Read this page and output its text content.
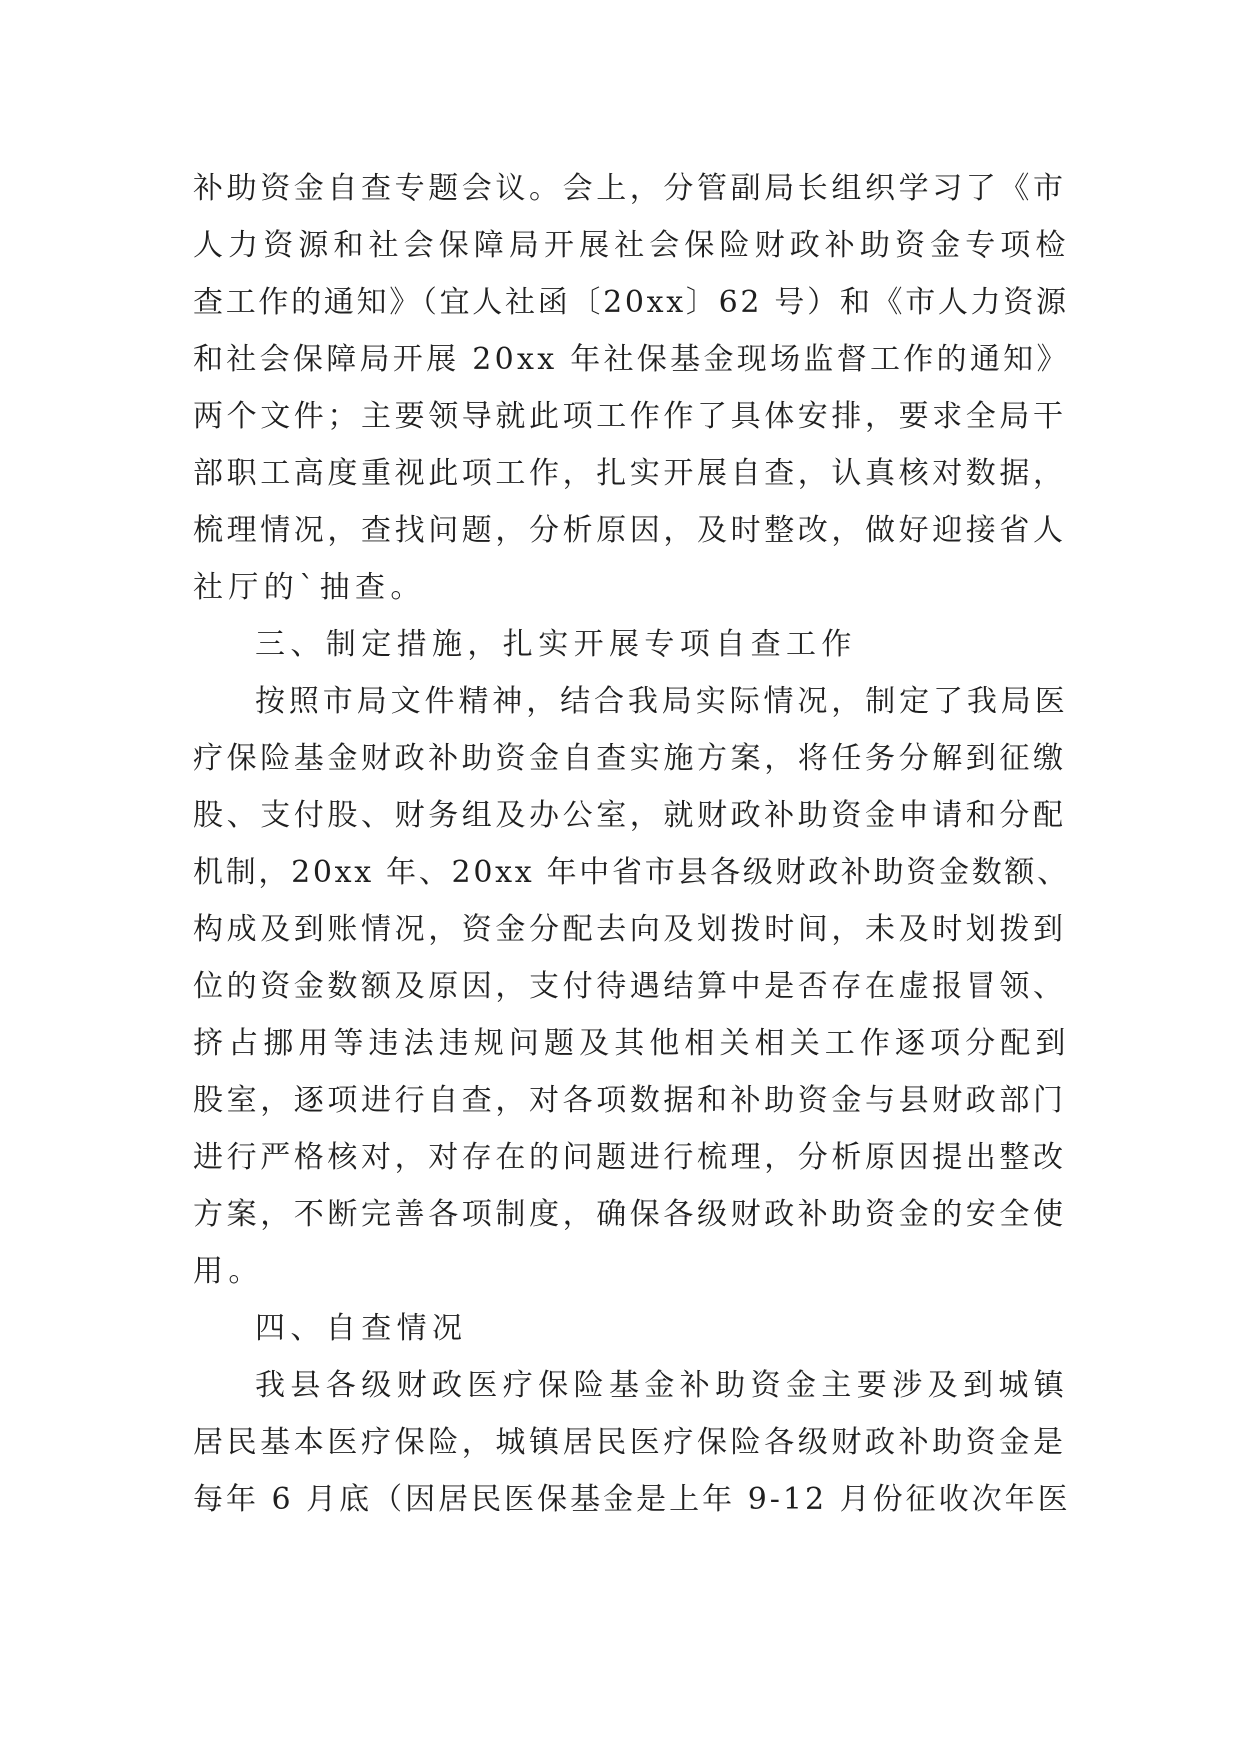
补助资金自查专题会议。会上，分管副局长组织学习了《市
人力资源和社会保障局开展社会保险财政补助资金专项检
查工作的通知》（宜人社函〔20xx〕62 号）和《市人力资源
和社会保障局开展 20xx 年社保基金现场监督工作的通知》
两个文件；主要领导就此项工作作了具体安排，要求全局干
部职工高度重视此项工作，扎实开展自查，认真核对数据，
梳理情况，查找问题，分析原因，及时整改，做好迎接省人
社厅的`抽查。
三、制定措施，扎实开展专项自查工作
按照市局文件精神，结合我局实际情况，制定了我局医
疗保险基金财政补助资金自查实施方案，将任务分解到征缴
股、支付股、财务组及办公室，就财政补助资金申请和分配
机制，20xx 年、20xx 年中省市县各级财政补助资金数额、
构成及到账情况，资金分配去向及划拨时间，未及时划拨到
位的资金数额及原因，支付待遇结算中是否存在虚报冒领、
挤占挪用等违法违规问题及其他相关相关工作逐项分配到
股室，逐项进行自查，对各项数据和补助资金与县财政部门
进行严格核对，对存在的问题进行梳理，分析原因提出整改
方案，不断完善各项制度，确保各级财政补助资金的安全使
用。
四、自查情况
我县各级财政医疗保险基金补助资金主要涉及到城镇
居民基本医疗保险，城镇居民医疗保险各级财政补助资金是
每年 6 月底（因居民医保基金是上年 9-12 月份征收次年医
